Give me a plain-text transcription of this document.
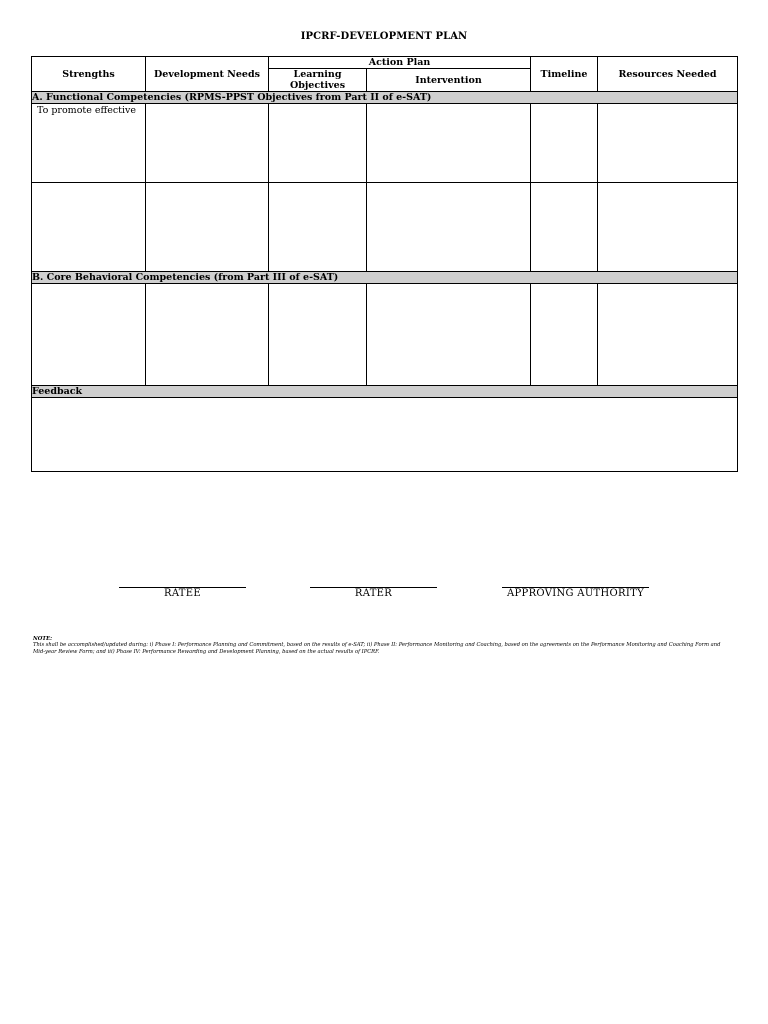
IPCRF-DEVELOPMENT PLAN
Strengths	Development Needs	Action Plan		Timeline	Resources Needed
		Learning Objectives	Intervention		
A. Functional Competencies (RPMS-PPST Objectives from Part II of e-SAT)					
To promote effective					

B. Core Behavioral Competencies (from Part III of e-SAT)					

Feedback					

RATEE	RATER	APPROVING AUTHORITY
NOTE:
This shall be accomplished/updated during: i) Phase I: Performance Planning and Commitment, based on the results of e-SAT; ii) Phase II: Performance Monitoring and Coaching, based on the agreements on the Performance Monitoring and Coaching Form and Mid-year Review Form; and iii) Phase IV: Performance Rewarding and Development Planning, based on the actual results of IPCRF.
